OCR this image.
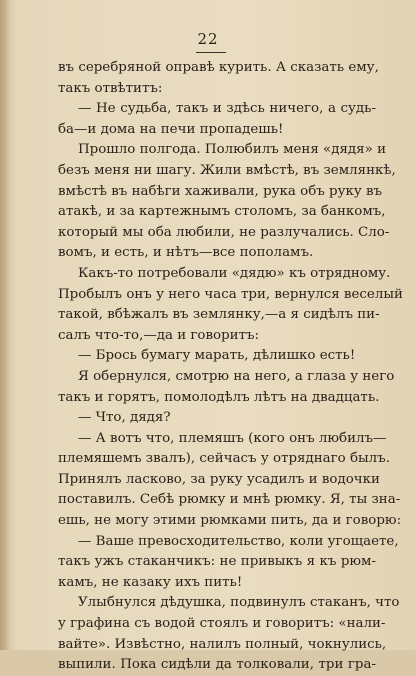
22
въ серебряной оправѣ курить. А сказать ему,
такъ отвѣтитъ:
— Не судьба, такъ и здѣсь ничего, а судь-
ба—и дома на печи пропадешь!
Прошло полгода. Полюбилъ меня «дядя» и
безъ меня ни шагу. Жили вмѣстѣ, въ землянкѣ,
вмѣстѣ въ набѣги хаживали, рука объ руку въ
атакѣ, и за картежнымъ столомъ, за банкомъ,
который мы оба любили, не разлучались. Сло-
вомъ, и есть, и нѣтъ—все пополамъ.
Какъ-то потребовали «дядю» къ отрядному.
Пробылъ онъ у него часа три, вернулся веселый
такой, вбѣжалъ въ землянку,—а я сидѣлъ пи-
салъ что-то,—да и говоритъ:
— Брось бумагу марать, дѣлишко есть!
Я обернулся, смотрю на него, а глаза у него
такъ и горятъ, помолодѣлъ лѣтъ на двадцать.
— Что, дядя?
— А вотъ что, племяшъ (кого онъ любилъ—
племяшемъ звалъ), сейчасъ у отряднаго былъ.
Принялъ ласково, за руку усадилъ и водочки
поставилъ. Себѣ рюмку и мнѣ рюмку. Я, ты зна-
ешь, не могу этими рюмками пить, да и говорю:
— Ваше превосходительство, коли угощаете,
такъ ужъ стаканчикъ: не привыкъ я къ рюм-
камъ, не казаку ихъ пить!
Улыбнулся дѣдушка, подвинулъ стаканъ, что
у графина съ водой стоялъ и говоритъ: «нали-
вайте». Извѣстно, налилъ полный, чокнулись,
выпили. Пока сидѣли да толковали, три гра-
